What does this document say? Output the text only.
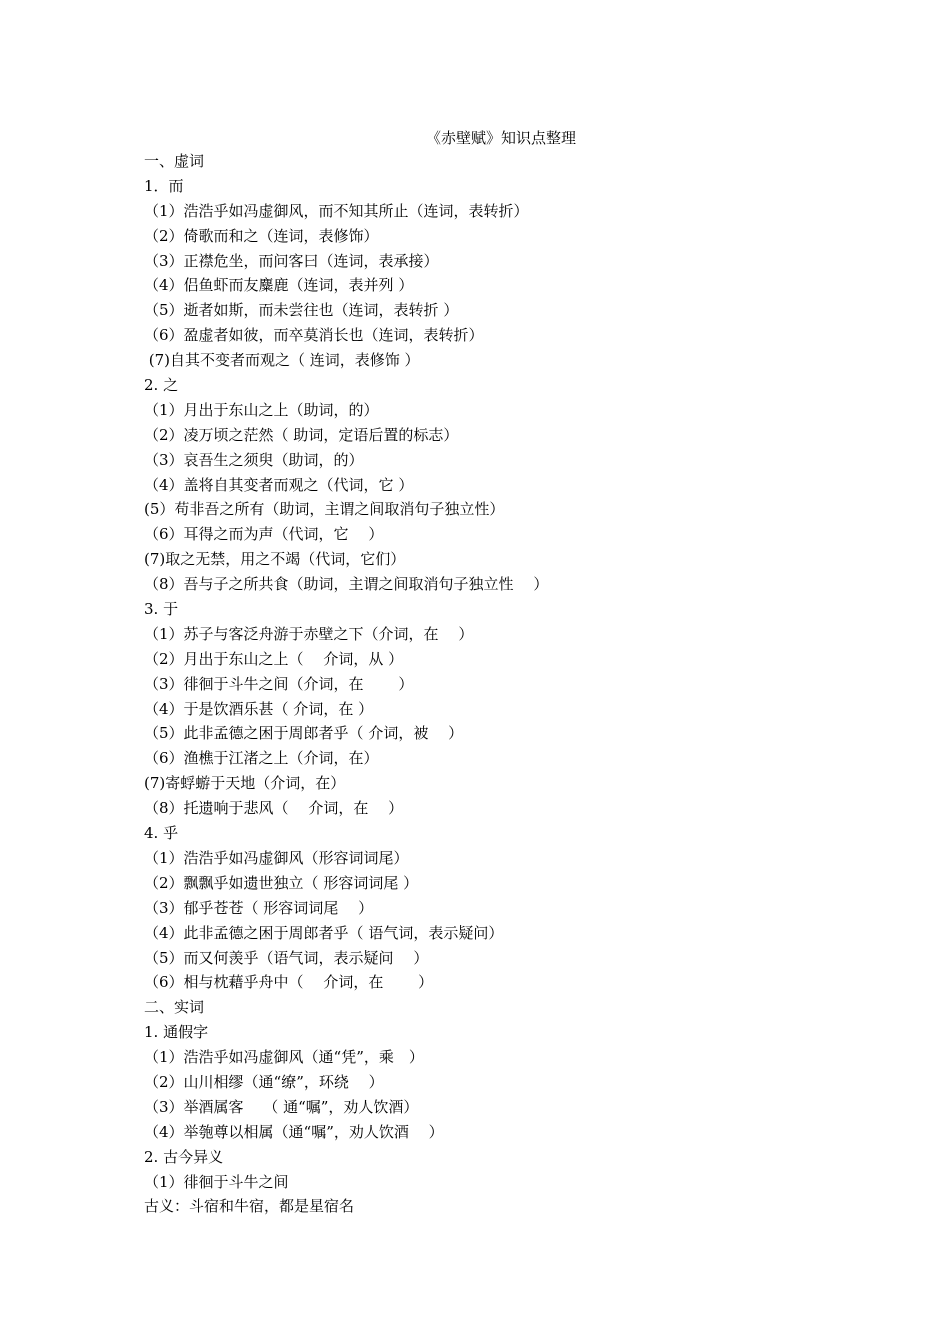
《赤壁赋》知识点整理
一、虚词
1．而
（1）浩浩乎如冯虚御风，而不知其所止（连词，表转折）
（2）倚歌而和之（连词，表修饰）
（3）正襟危坐，而问客曰（连词，表承接）
（4）侣鱼虾而友麋鹿（连词，表并列 ）
（5）逝者如斯，而未尝往也（连词，表转折 ）
（6）盈虚者如彼，而卒莫消长也（连词，表转折）
(7)自其不变者而观之（ 连词，表修饰 ）
2. 之
（1）月出于东山之上（助词，的）
（2）凌万顷之茫然（ 助词，定语后置的标志）
（3）哀吾生之须臾（助词，的）
（4）盖将自其变者而观之（代词，它 ）
(5）苟非吾之所有（助词，主谓之间取消句子独立性）
（6）耳得之而为声（代词，它　 ）
(7)取之无禁，用之不竭（代词，它们）
（8）吾与子之所共食（助词，主谓之间取消句子独立性　 ）
3. 于
（1）苏子与客泛舟游于赤壁之下（介词，在　 ）
（2）月出于东山之上（　 介词，从 ）
（3）徘徊于斗牛之间（介词，在　　 ）
（4）于是饮酒乐甚（ 介词，在 ）
（5）此非孟德之困于周郎者乎（ 介词，被　 ）
（6）渔樵于江渚之上（介词，在）
(7)寄蜉蝣于天地（介词，在）
（8）托遗响于悲风（　 介词，在　 ）
4. 乎
（1）浩浩乎如冯虚御风（形容词词尾）
（2）飘飘乎如遗世独立（ 形容词词尾 ）
（3）郁乎苍苍（ 形容词词尾　 ）
（4）此非孟德之困于周郎者乎（ 语气词，表示疑问）
（5）而又何羡乎（语气词，表示疑问　 ）
（6）相与枕藉乎舟中（　 介词，在　　 ）
二、实词
1. 通假字
（1）浩浩乎如冯虚御风（通“凭”，乘　）
（2）山川相缪（通“缭”，环绕　 ）
（3）举酒属客　 （ 通“嘱”，劝人饮酒）
（4）举匏尊以相属（通“嘱”，劝人饮酒　 ）
2. 古今异义
（1）徘徊于斗牛之间
古义：斗宿和牛宿，都是星宿名
